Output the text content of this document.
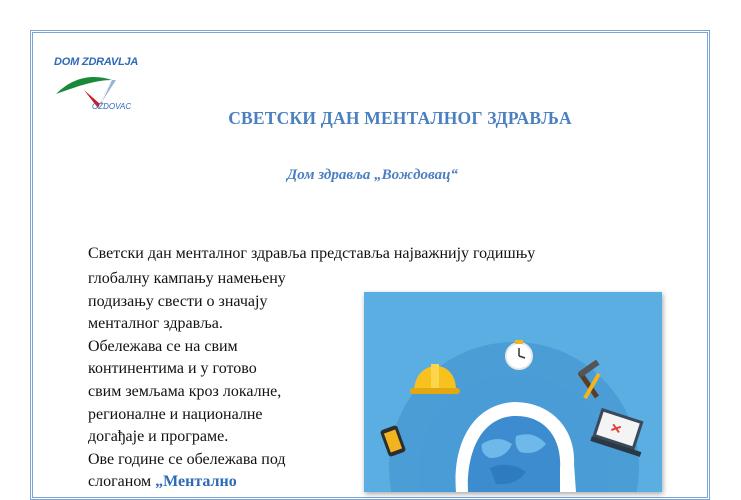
DOM ZDRAVLJA
OŽDOVAC
СВЕТСКИ ДАН МЕНТАЛНОГ ЗДРАВЉА
Дом здравља „Вождовац“
Светски дан менталног здравља представља најважнију годишњу
глобалну кампању намењену
подизању свести о значају
менталног здравља.
Обележава се на свим
континентима и у готово
свим земљама кроз локалне,
регионалне и националне
догађаје и програме.
Ове године се обележава под
слоганом „Ментално
